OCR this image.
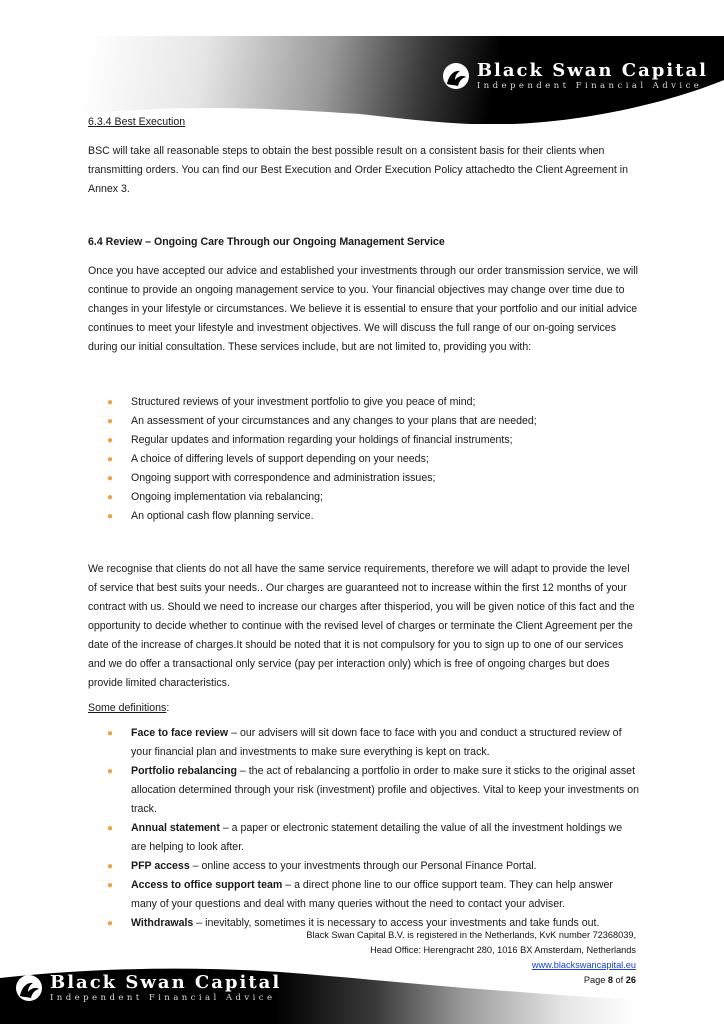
Black Swan Capital
Independent Financial Advice

6.3.4 Best Execution

BSC will take all reasonable steps to obtain the best possible result on a consistent basis for their clients when transmitting orders. You can find our Best Execution and Order Execution Policy attachedto the Client Agreement in Annex 3.

6.4 Review – Ongoing Care Through our Ongoing Management Service

Once you have accepted our advice and established your investments through our order transmission service, we will continue to provide an ongoing management service to you. Your financial objectives may change over time due to changes in your lifestyle or circumstances. We believe it is essential to ensure that your portfolio and our initial advice continues to meet your lifestyle and investment objectives. We will discuss the full range of our on-going services during our initial consultation. These services include, but are not limited to, providing you with:

● Structured reviews of your investment portfolio to give you peace of mind;
● An assessment of your circumstances and any changes to your plans that are needed;
● Regular updates and information regarding your holdings of financial instruments;
● A choice of differing levels of support depending on your needs;
● Ongoing support with correspondence and administration issues;
● Ongoing implementation via rebalancing;
● An optional cash flow planning service.

We recognise that clients do not all have the same service requirements, therefore we will adapt to provide the level of service that best suits your needs.. Our charges are guaranteed not to increase within the first 12 months of your contract with us. Should we need to increase our charges after thisperiod, you will be given notice of this fact and the opportunity to decide whether to continue with the revised level of charges or terminate the Client Agreement per the date of the increase of charges.It should be noted that it is not compulsory for you to sign up to one of our services and we do offer a transactional only service (pay per interaction only) which is free of ongoing charges but does provide limited characteristics.

Some definitions:

● Face to face review – our advisers will sit down face to face with you and conduct a structured review of your financial plan and investments to make sure everything is kept on track.
● Portfolio rebalancing – the act of rebalancing a portfolio in order to make sure it sticks to the original asset allocation determined through your risk (investment) profile and objectives. Vital to keep your investments on track.
● Annual statement – a paper or electronic statement detailing the value of all the investment holdings we are helping to look after.
● PFP access – online access to your investments through our Personal Finance Portal.
● Access to office support team – a direct phone line to our office support team. They can help answer many of your questions and deal with many queries without the need to contact your adviser.
● Withdrawals – inevitably, sometimes it is necessary to access your investments and take funds out.
Black Swan Capital B.V. is registered in the Netherlands, KvK number 72368039,
Head Office: Herengracht 280, 1016 BX Amsterdam, Netherlands
www.blackswancapital.eu
Page 8 of 26
Black Swan Capital
Independent Financial Advice
